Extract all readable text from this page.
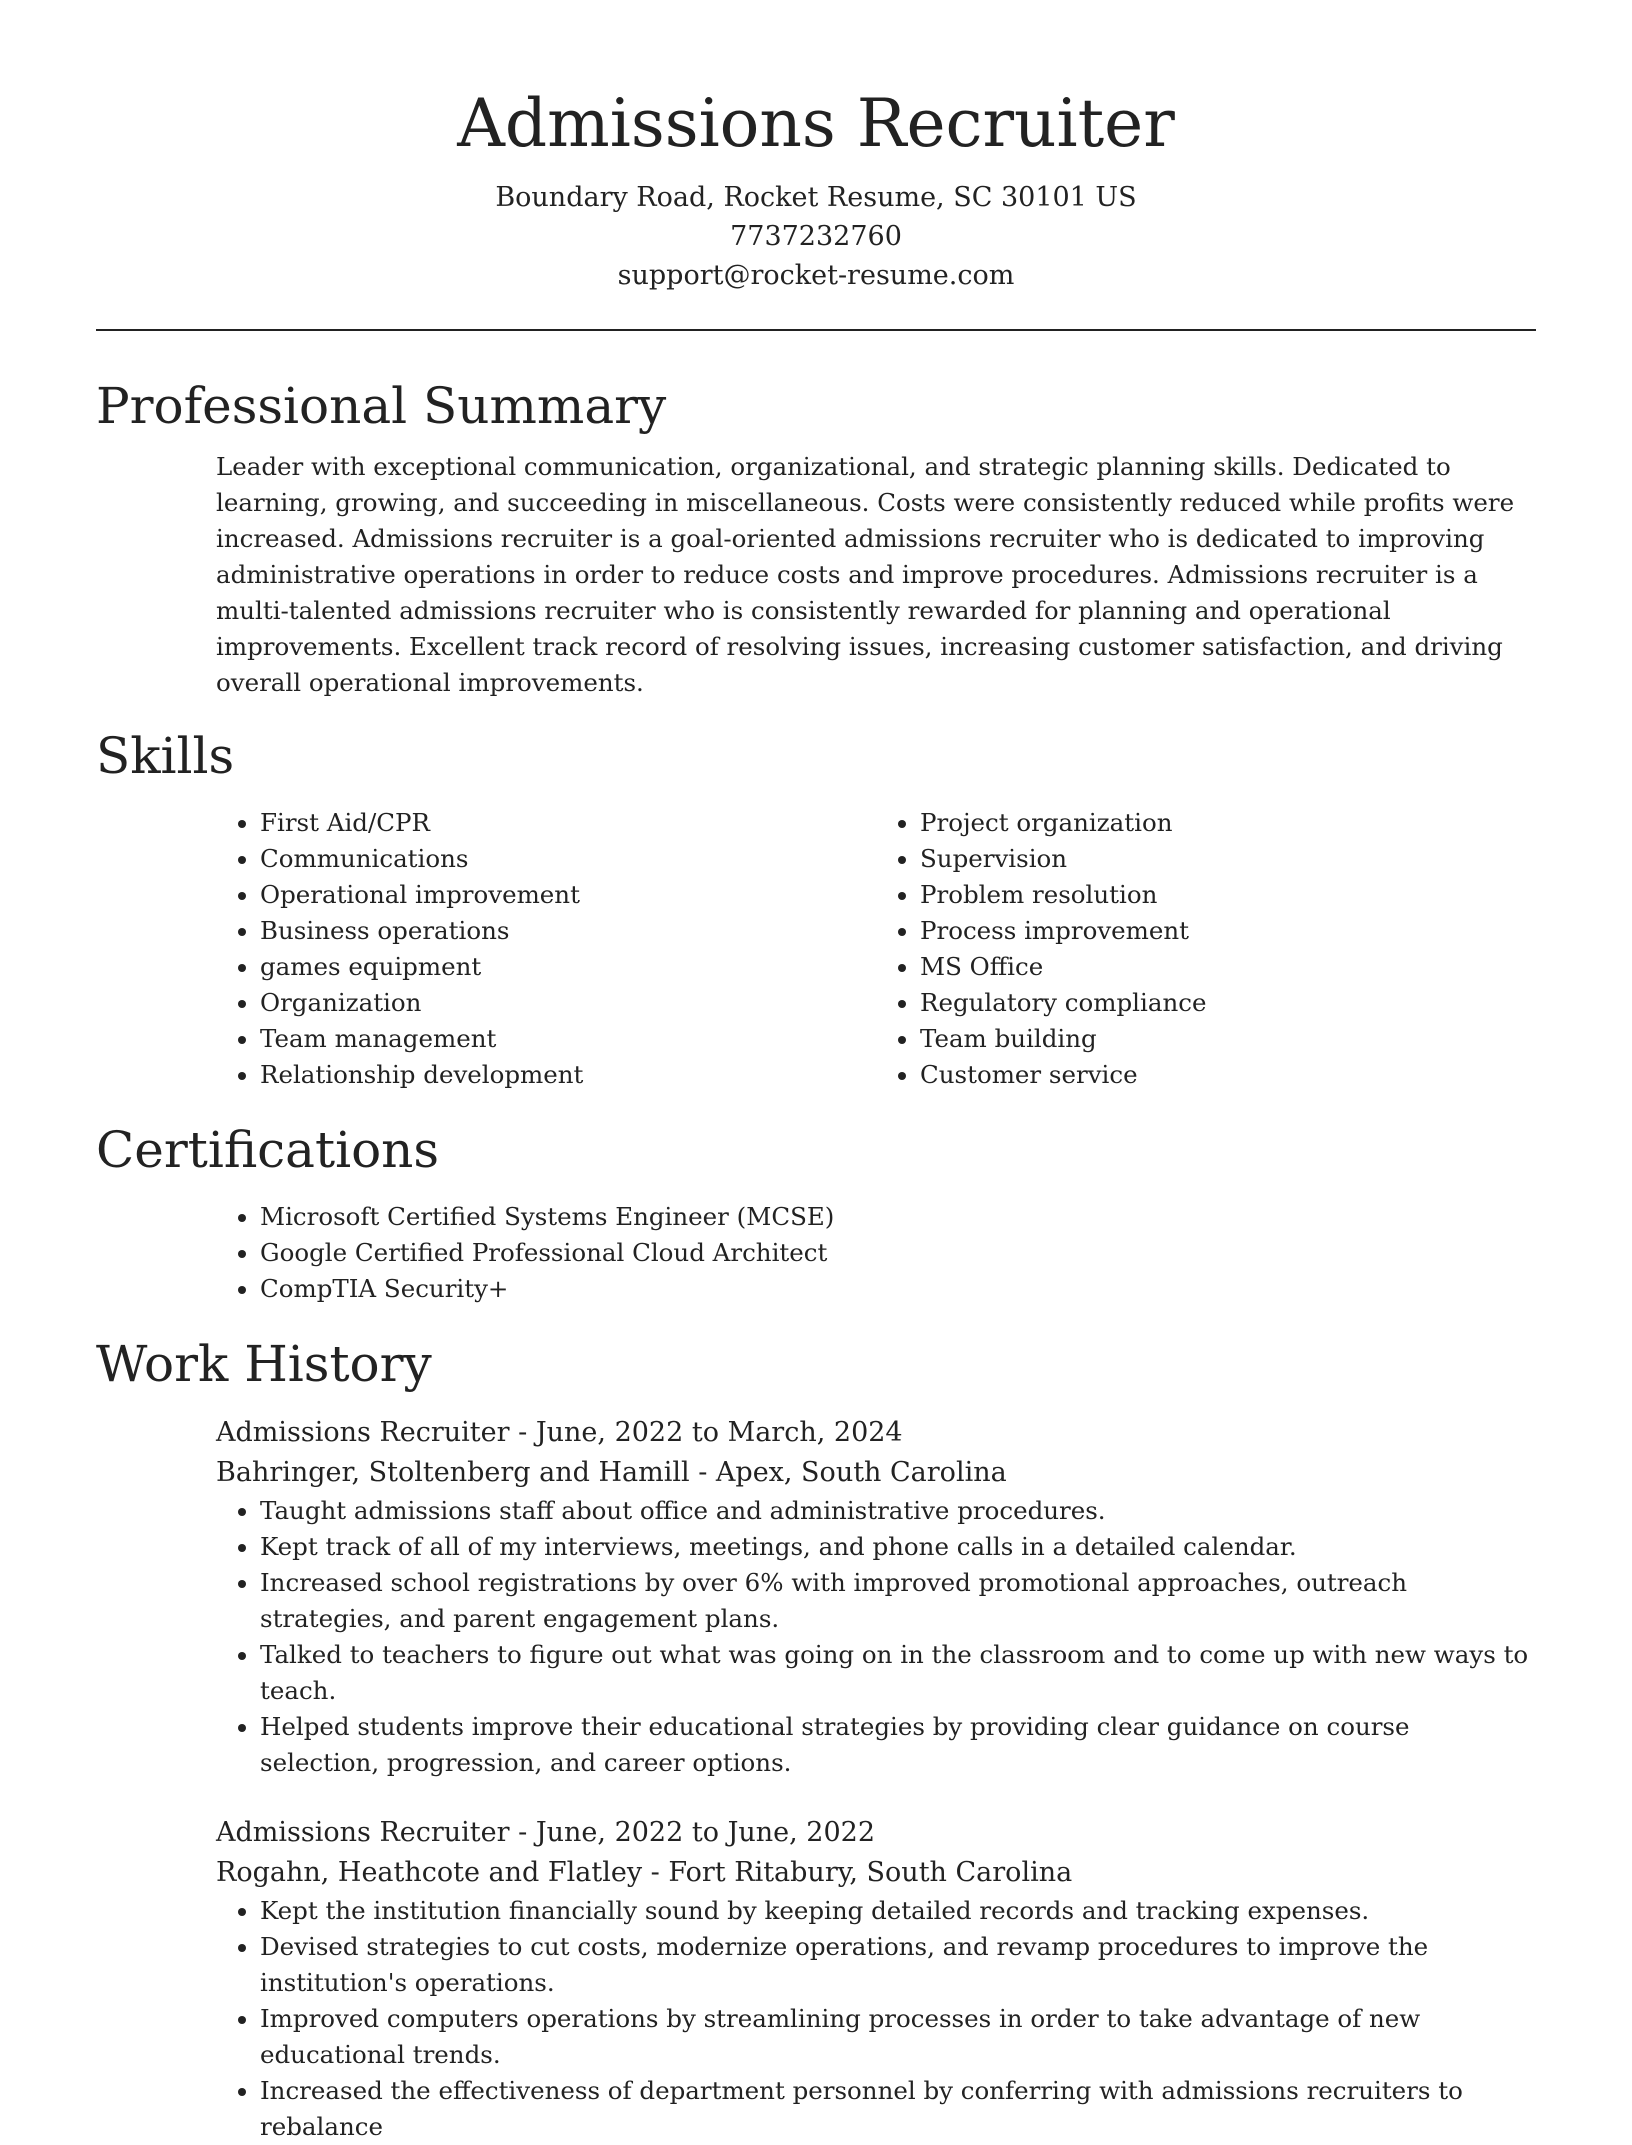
Admissions Recruiter

Boundary Road, Rocket Resume, SC 30101 US

7737232760

support@rocket-resume.com

Professional Summary

Leader with exceptional communication, organizational, and strategic planning skills. Dedicated to learning, growing, and succeeding in miscellaneous. Costs were consistently reduced while profits were increased. Admissions recruiter is a goal-oriented admissions recruiter who is dedicated to improving administrative operations in order to reduce costs and improve procedures. Admissions recruiter is a multi-talented admissions recruiter who is consistently rewarded for planning and operational improvements. Excellent track record of resolving issues, increasing customer satisfaction, and driving overall operational improvements.

Skills
• First Aid/CPR
• Communications
• Operational improvement
• Business operations
• games equipment
• Organization
• Team management
• Relationship development
• Project organization
• Supervision
• Problem resolution
• Process improvement
• MS Office
• Regulatory compliance
• Team building
• Customer service
Certifications
• Microsoft Certified Systems Engineer (MCSE)
• Google Certified Professional Cloud Architect
• CompTIA Security+
Work History

Admissions Recruiter - June, 2022 to March, 2024

Bahringer, Stoltenberg and Hamill - Apex, South Carolina

• Taught admissions staff about office and administrative procedures.
• Kept track of all of my interviews, meetings, and phone calls in a detailed calendar.
• Increased school registrations by over 6% with improved promotional approaches, outreach strategies, and parent engagement plans.
• Talked to teachers to figure out what was going on in the classroom and to come up with new ways to teach.
• Helped students improve their educational strategies by providing clear guidance on course selection, progression, and career options.

Admissions Recruiter - June, 2022 to June, 2022

Rogahn, Heathcote and Flatley - Fort Ritabury, South Carolina

• Kept the institution financially sound by keeping detailed records and tracking expenses.
• Devised strategies to cut costs, modernize operations, and revamp procedures to improve the institution's operations.
• Improved computers operations by streamlining processes in order to take advantage of new educational trends.
• Increased the effectiveness of department personnel by conferring with admissions recruiters to rebalance
